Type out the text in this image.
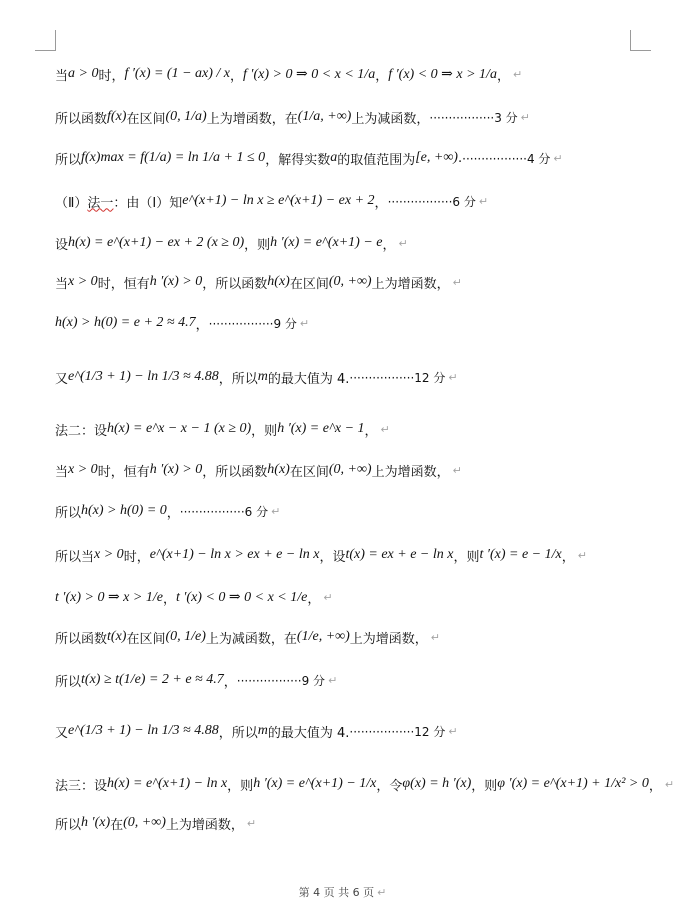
当 a > 0 时， f ′(x) = (1 − ax) / x ， f ′(x) > 0 ⇒ 0 < x < 1/a ， f ′(x) < 0 ⇒ x > 1/a ， ↵
所以函数 f(x) 在区间 (0, 1/a) 上为增函数，在 (1/a, +∞) 上为减函数， ·················3 分 ↵
所以 f(x)max = f(1/a) = ln 1/a + 1 ≤ 0 ，解得实数 a 的取值范围为 [e, +∞) . ·················4 分 ↵
（Ⅱ） 法一 ：由（Ⅰ）知 e^(x+1) − ln x ≥ e^(x+1) − ex + 2 ， ·················6 分 ↵
设 h(x) = e^(x+1) − ex + 2 (x ≥ 0) ，则 h ′(x) = e^(x+1) − e ， ↵
当 x > 0 时，恒有 h ′(x) > 0 ，所以函数 h(x) 在区间 (0, +∞) 上为增函数， ↵
h(x) > h(0) = e + 2 ≈ 4.7 ， ·················9 分 ↵
又 e^(1/3 + 1) − ln 1/3 ≈ 4.88 ，所以 m 的最大值为 4. ·················12 分 ↵
法二：设 h(x) = e^x − x − 1 (x ≥ 0) ，则 h ′(x) = e^x − 1 ， ↵
当 x > 0 时，恒有 h ′(x) > 0 ，所以函数 h(x) 在区间 (0, +∞) 上为增函数， ↵
所以 h(x) > h(0) = 0 ， ·················6 分 ↵
所以当 x > 0 时， e^(x+1) − ln x > ex + e − ln x ，设 t(x) = ex + e − ln x ，则 t ′(x) = e − 1/x ， ↵
t ′(x) > 0 ⇒ x > 1/e ， t ′(x) < 0 ⇒ 0 < x < 1/e ， ↵
所以函数 t(x) 在区间 (0, 1/e) 上为减函数，在 (1/e, +∞) 上为增函数， ↵
所以 t(x) ≥ t(1/e) = 2 + e ≈ 4.7 ， ·················9 分 ↵
又 e^(1/3 + 1) − ln 1/3 ≈ 4.88 ，所以 m 的最大值为 4. ·················12 分 ↵
法三：设 h(x) = e^(x+1) − ln x ，则 h ′(x) = e^(x+1) − 1/x ，令 φ(x) = h ′(x) ，则 φ ′(x) = e^(x+1) + 1/x² > 0 ， ↵
所以 h ′(x) 在 (0, +∞) 上为增函数， ↵
第 4 页 共 6 页 ↵
